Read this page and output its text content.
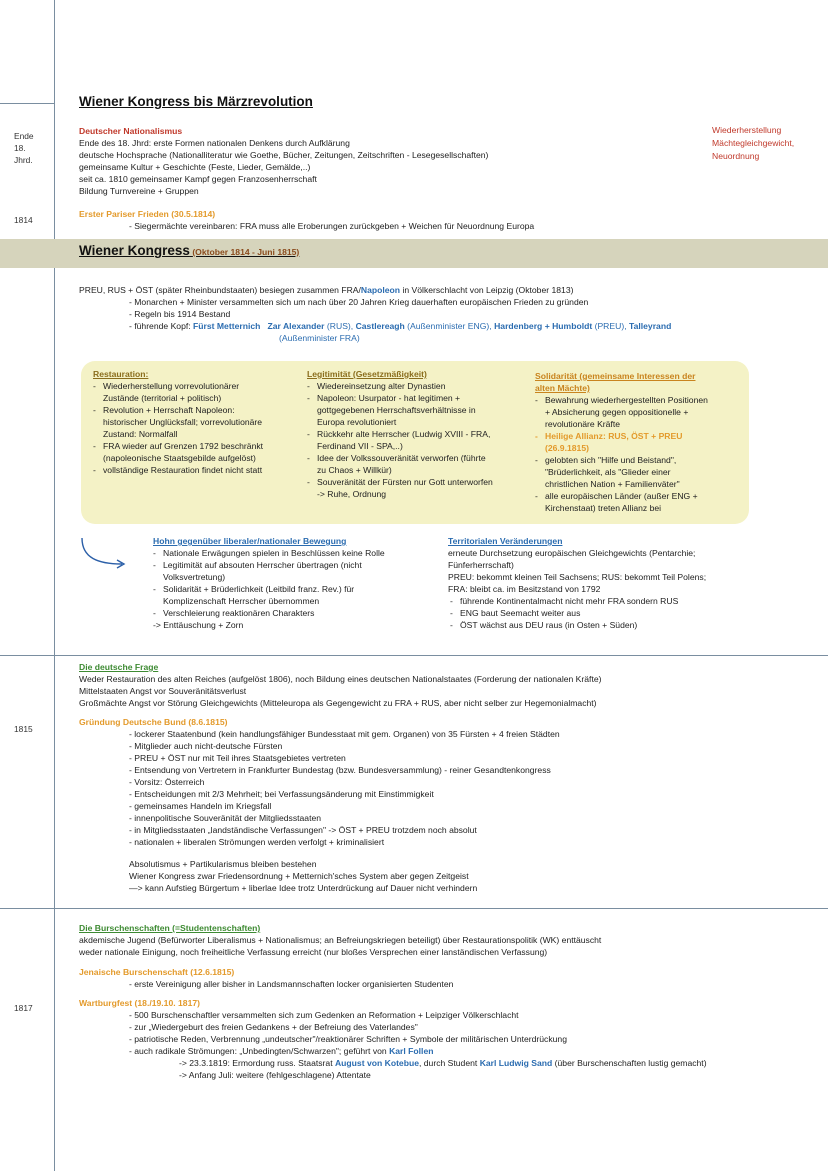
Ende 18. Jhrd.
1814
1815
1817
Wiener Kongress bis Märzrevolution
Wiederherstellung
Mächtegleichgewicht,
Neuordnung
Deutscher Nationalismus
Ende des 18. Jhrd: erste Formen nationalen Denkens durch Aufklärung
deutsche Hochsprache (Nationalliteratur wie Goethe, Bücher, Zeitungen, Zeitschriften - Lesegesellschaften)
gemeinsame Kultur + Geschichte (Feste, Lieder, Gemälde,..)
seit ca. 1810 gemeinsamer Kampf gegen Franzosenherrschaft
Bildung Turnvereine + Gruppen
Erster Pariser Frieden (30.5.1814)
- Siegermächte vereinbaren: FRA muss alle Eroberungen zurückgeben + Weichen für Neuordnung Europa
Wiener Kongress (Oktober 1814 - Juni 1815)
PREU, RUS + ÖST (später Rheinbundstaaten) besiegen zusammen FRA/Napoleon in Völkerschlacht von Leipzig (Oktober 1813)
- Monarchen + Minister versammelten sich um nach über 20 Jahren Krieg dauerhaften europäischen Frieden zu gründen
- Regeln bis 1914 Bestand
- führende Kopf: Fürst Metternich Zar Alexander (RUS), Castlereagh (Außenminister ENG), Hardenberg + Humboldt (PREU), Talleyrand
(Außenminister FRA)
Restauration:
- Wiederherstellung vorrevolutionärer Zustände (territorial + politisch)
- Revolution + Herrschaft Napoleon: historischer Unglücksfall; vorrevolutionäre Zustand: Normalfall
- FRA wieder auf Grenzen 1792 beschränkt (napoleonische Staatsgebilde aufgelöst)
- vollständige Restauration findet nicht statt
Legitimität (Gesetzmäßigkeit)
- Wiedereinsetzung alter Dynastien
- Napoleon: Usurpator - hat legitimen + gottgegebenen Herrschaftsverhältnisse in Europa revolutioniert
- Rückkehr alte Herrscher (Ludwig XVIII - FRA, Ferdinand VII - SPA,..)
- Idee der Volkssouveränität verworfen (führte zu Chaos + Willkür)
- Souveränität der Fürsten nur Gott unterworfen -> Ruhe, Ordnung
Solidarität (gemeinsame Interessen der alten Mächte)
- Bewahrung wiederhergestellten Positionen + Absicherung gegen oppositionelle + revolutionäre Kräfte
- Heilige Allianz: RUS, ÖST + PREU (26.9.1815)
- gelobten sich "Hilfe und Beistand", "Brüderlichkeit, als "Glieder einer christlichen Nation + Familienväter"
- alle europäischen Länder (außer ENG + Kirchenstaat) treten Allianz bei
Hohn gegenüber liberaler/nationaler Bewegung
- Nationale Erwägungen spielen in Beschlüssen keine Rolle
- Legitimität auf absouten Herrscher übertragen (nicht Volksvertretung)
- Solidarität + Brüderlichkeit (Leitbild franz. Rev.) für Komplizenschaft Herrscher übernommen
- Verschleierung reaktionären Charakters
-> Enttäuschung + Zorn
Territorialen Veränderungen
erneute Durchsetzung europäischen Gleichgewichts (Pentarchie;
Fünferherrschaft)
PREU: bekommt kleinen Teil Sachsens; RUS: bekommt Teil Polens;
FRA: bleibt ca. im Besitzstand von 1792
- führende Kontinentalmacht nicht mehr FRA sondern RUS
- ENG baut Seemacht weiter aus
- ÖST wächst aus DEU raus (in Osten + Süden)
Die deutsche Frage
Weder Restauration des alten Reiches (aufgelöst 1806), noch Bildung eines deutschen Nationalstaates (Forderung der nationalen Kräfte)
Mittelstaaten Angst vor Souveränitätsverlust
Großmächte Angst vor Störung Gleichgewichts (Mitteleuropa als Gegengewicht zu FRA + RUS, aber nicht selber zur Hegemonialmacht)
Gründung Deutsche Bund (8.6.1815)
- lockerer Staatenbund (kein handlungsfähiger Bundesstaat mit gem. Organen) von 35 Fürsten + 4 freien Städten
- Mitglieder auch nicht-deutsche Fürsten
- PREU + ÖST nur mit Teil ihres Staatsgebietes vertreten
- Entsendung von Vertretern in Frankfurter Bundestag (bzw. Bundesversammlung) - reiner Gesandtenkongress
- Vorsitz: Österreich
- Entscheidungen mit 2/3 Mehrheit; bei Verfassungsänderung mit Einstimmigkeit
- gemeinsames Handeln im Kriegsfall
- innenpolitische Souveränität der Mitgliedsstaaten
- in Mitgliedsstaaten „landständische Verfassungen" -> ÖST + PREU trotzdem noch absolut
- nationalen + liberalen Strömungen werden verfolgt + kriminalisiert
Absolutismus + Partikularismus bleiben bestehen
Wiener Kongress zwar Friedensordnung + Metternich'sches System aber gegen Zeitgeist
—> kann Aufstieg Bürgertum + liberlae Idee trotz Unterdrückung auf Dauer nicht verhindern
Die Burschenschaften (=Studentenschaften)
akdemische Jugend (Befürworter Liberalismus + Nationalismus; an Befreiungskriegen beteiligt) über Restaurationspolitik (WK) enttäuscht
weder nationale Einigung, noch freiheitliche Verfassung erreicht (nur bloßes Versprechen einer lanständischen Verfassung)
Jenaische Burschenschaft (12.6.1815)
- erste Vereinigung aller bisher in Landsmannschaften locker organisierten Studenten
Wartburgfest (18./19.10. 1817)
- 500 Burschenschaftler versammelten sich zum Gedenken an Reformation + Leipziger Völkerschlacht
- zur „Wiedergeburt des freien Gedankens + der Befreiung des Vaterlandes"
- patriotische Reden, Verbrennung „undeutscher"/reaktionärer Schriften + Symbole der militärischen Unterdrückung
- auch radikale Strömungen: „Unbedingten/Schwarzen"; geführt von Karl Follen
-> 23.3.1819: Ermordung russ. Staatsrat August von Kotebue, durch Student Karl Ludwig Sand (über Burschenschaften lustig gemacht)
-> Anfang Juli: weitere (fehlgeschlagene) Attentate
